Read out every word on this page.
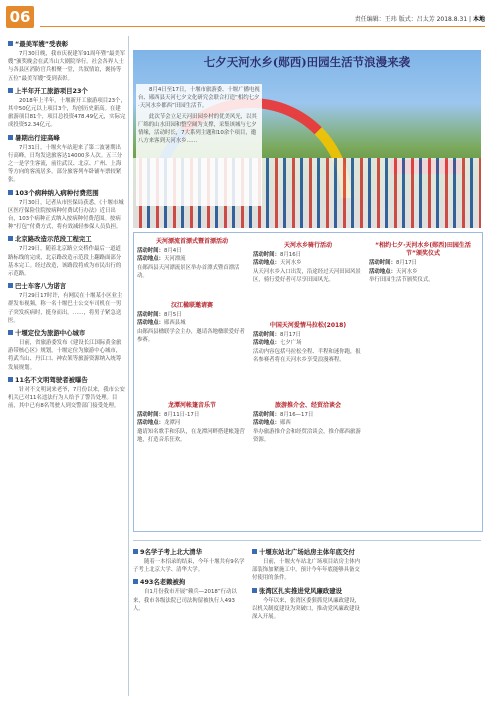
06	责任编辑：王玮 版式：吕太芳 2018.8.31 | 本地
“最美军嫂”受表彰

7月30日晚，我市庆祝建军91周年暨“最美军嫂”颁奖晚会在武当山大剧院举行。社会各界人士与各县区消防官兵相聚一堂，共叙情谊，褒扬等五位“最美军嫂”受到表彰。

上半年开工旅游项目23个

2018年上半年，十堰新开工旅游项目23个，其中50亿元以上项目3个，均创历史新高。在建旅游项目81个，项目总投资478.49亿元，实际完成投资52.34亿元。

暑期出行迎高峰

7月31日，十堰火车站迎来了第二波暑期出行高峰，日均发送旅客达14000多人次。五三分之一是学生客流，前往武汉、北京、广州、上海等方向的客流居多，部分旅客列车卧铺车票较紧张。

103个病种纳入病种付费范围

7月30日，记者从市医保局获悉，《十堰市城区医疗保险住院按病种付费试行办法》近日出台，103个病种正式纳入按病种付费范围。按病种“打包”付费方式，将有效减轻参保人员负担。

北京路改造示范段工程完工

7月29日，随着北京路立交桥作最后一道道路标线的完成，北京路改造示范段上翻路面部分基本完工。经过改造，该路段将成为市民出行的示范路。

巴士车客八为诺言

7月29日17时许，有网民在十堰某小区业主群发布视频，称一名十堰巴士公交车司机在一男子突发疾病时，挺身而出。……，将男子紧急送医。

十堰定位为旅游中心城市

日前，省旅游委发布《建设长江国际黄金旅游带核心区》规划，十堰定位为旅游中心城市，将武当山、丹江口、神农架等旅游资源纳入统筹发展规划。

11名不文明驾驶者被曝告

针对不文明词来老爷，7月份以来，我市公安机关已对11名违法行为人给予了警告处理。目前，其中已有8名驾驶人到交警部门接受处理。

七夕天河水乡(郧西)田园生活节浪漫来袭

8月4日至17日，十堰市旅游委、十堰广播电视台、郧西县天河七夕文化研究会联合打造“相约七夕·天河水乡都西”田园生活节。

此次节会立足天河田园乡村的优美风光，以其厂绵的山水田园和整空阔为支撑，采集该城与七夕情缘，活动时长，7大系列主题和10余个项目，邀八方来客到天河水乡……

天河漂流首漂式暨首漂活动
活动时间：8月4日
活动地点：天河漂流
在郧西县天河漂流景区举办首漂式暨首漂活动。
天河水乡骑行活动
活动时间：8月16日
活动地点：天河水乡
从天河水乡入口出发，沿途经过天河田园风景区，骑行爱好者可尽享田园风光。
“相约七夕·天河水乡(郧西)田园生活节”颁奖仪式
活动时间：8月17日
活动地点：天河水乡
举行田园生活节颁奖仪式。
汉江楹联邀请赛
活动时间：8月5日
活动地点：郧西县城
由郧西县楹联学会主办，邀请各地楹联爱好者参赛。
中国天河爱情马拉松(2018)
活动时间：8月17日
活动地点：七夕广场
活动内容包括马拉松全程、半程和迷你跑，报名参赛者将在天河水乡享受浪漫赛程。
龙潭河帐篷音乐节
活动时间：8月11日-17日
活动地点：龙潭河
邀请知名歌手和乐队，在龙潭河畔搭建帐篷营地，打造音乐狂欢。
旅游推介会、经贸洽谈会
活动时间：8月16—17日
活动地点：郧西
举办旅游推介会和经贸洽谈会，推介郧西旅游资源。
9名学子考上北大清华

随着一本招录的结束，今年十堰共有9名学子考上北京大学、清华大学。

493名老赖被拘

自1月份我市开展“赖兵—2018”行动以来，我市各级法院已司法拘留被执行人493人。

十堰东站北广场站房主体年底交付

日前，十堰火车站北广场项目站房主体内部装饰加紧施工中，预计今年年底能够具备交付使用的条件。

张湾区扎实推进党风廉政建设

今年以来，张湾区委狠抓党风廉政建设，以机关制度建设为突破口，推动党风廉政建设深入开展。
